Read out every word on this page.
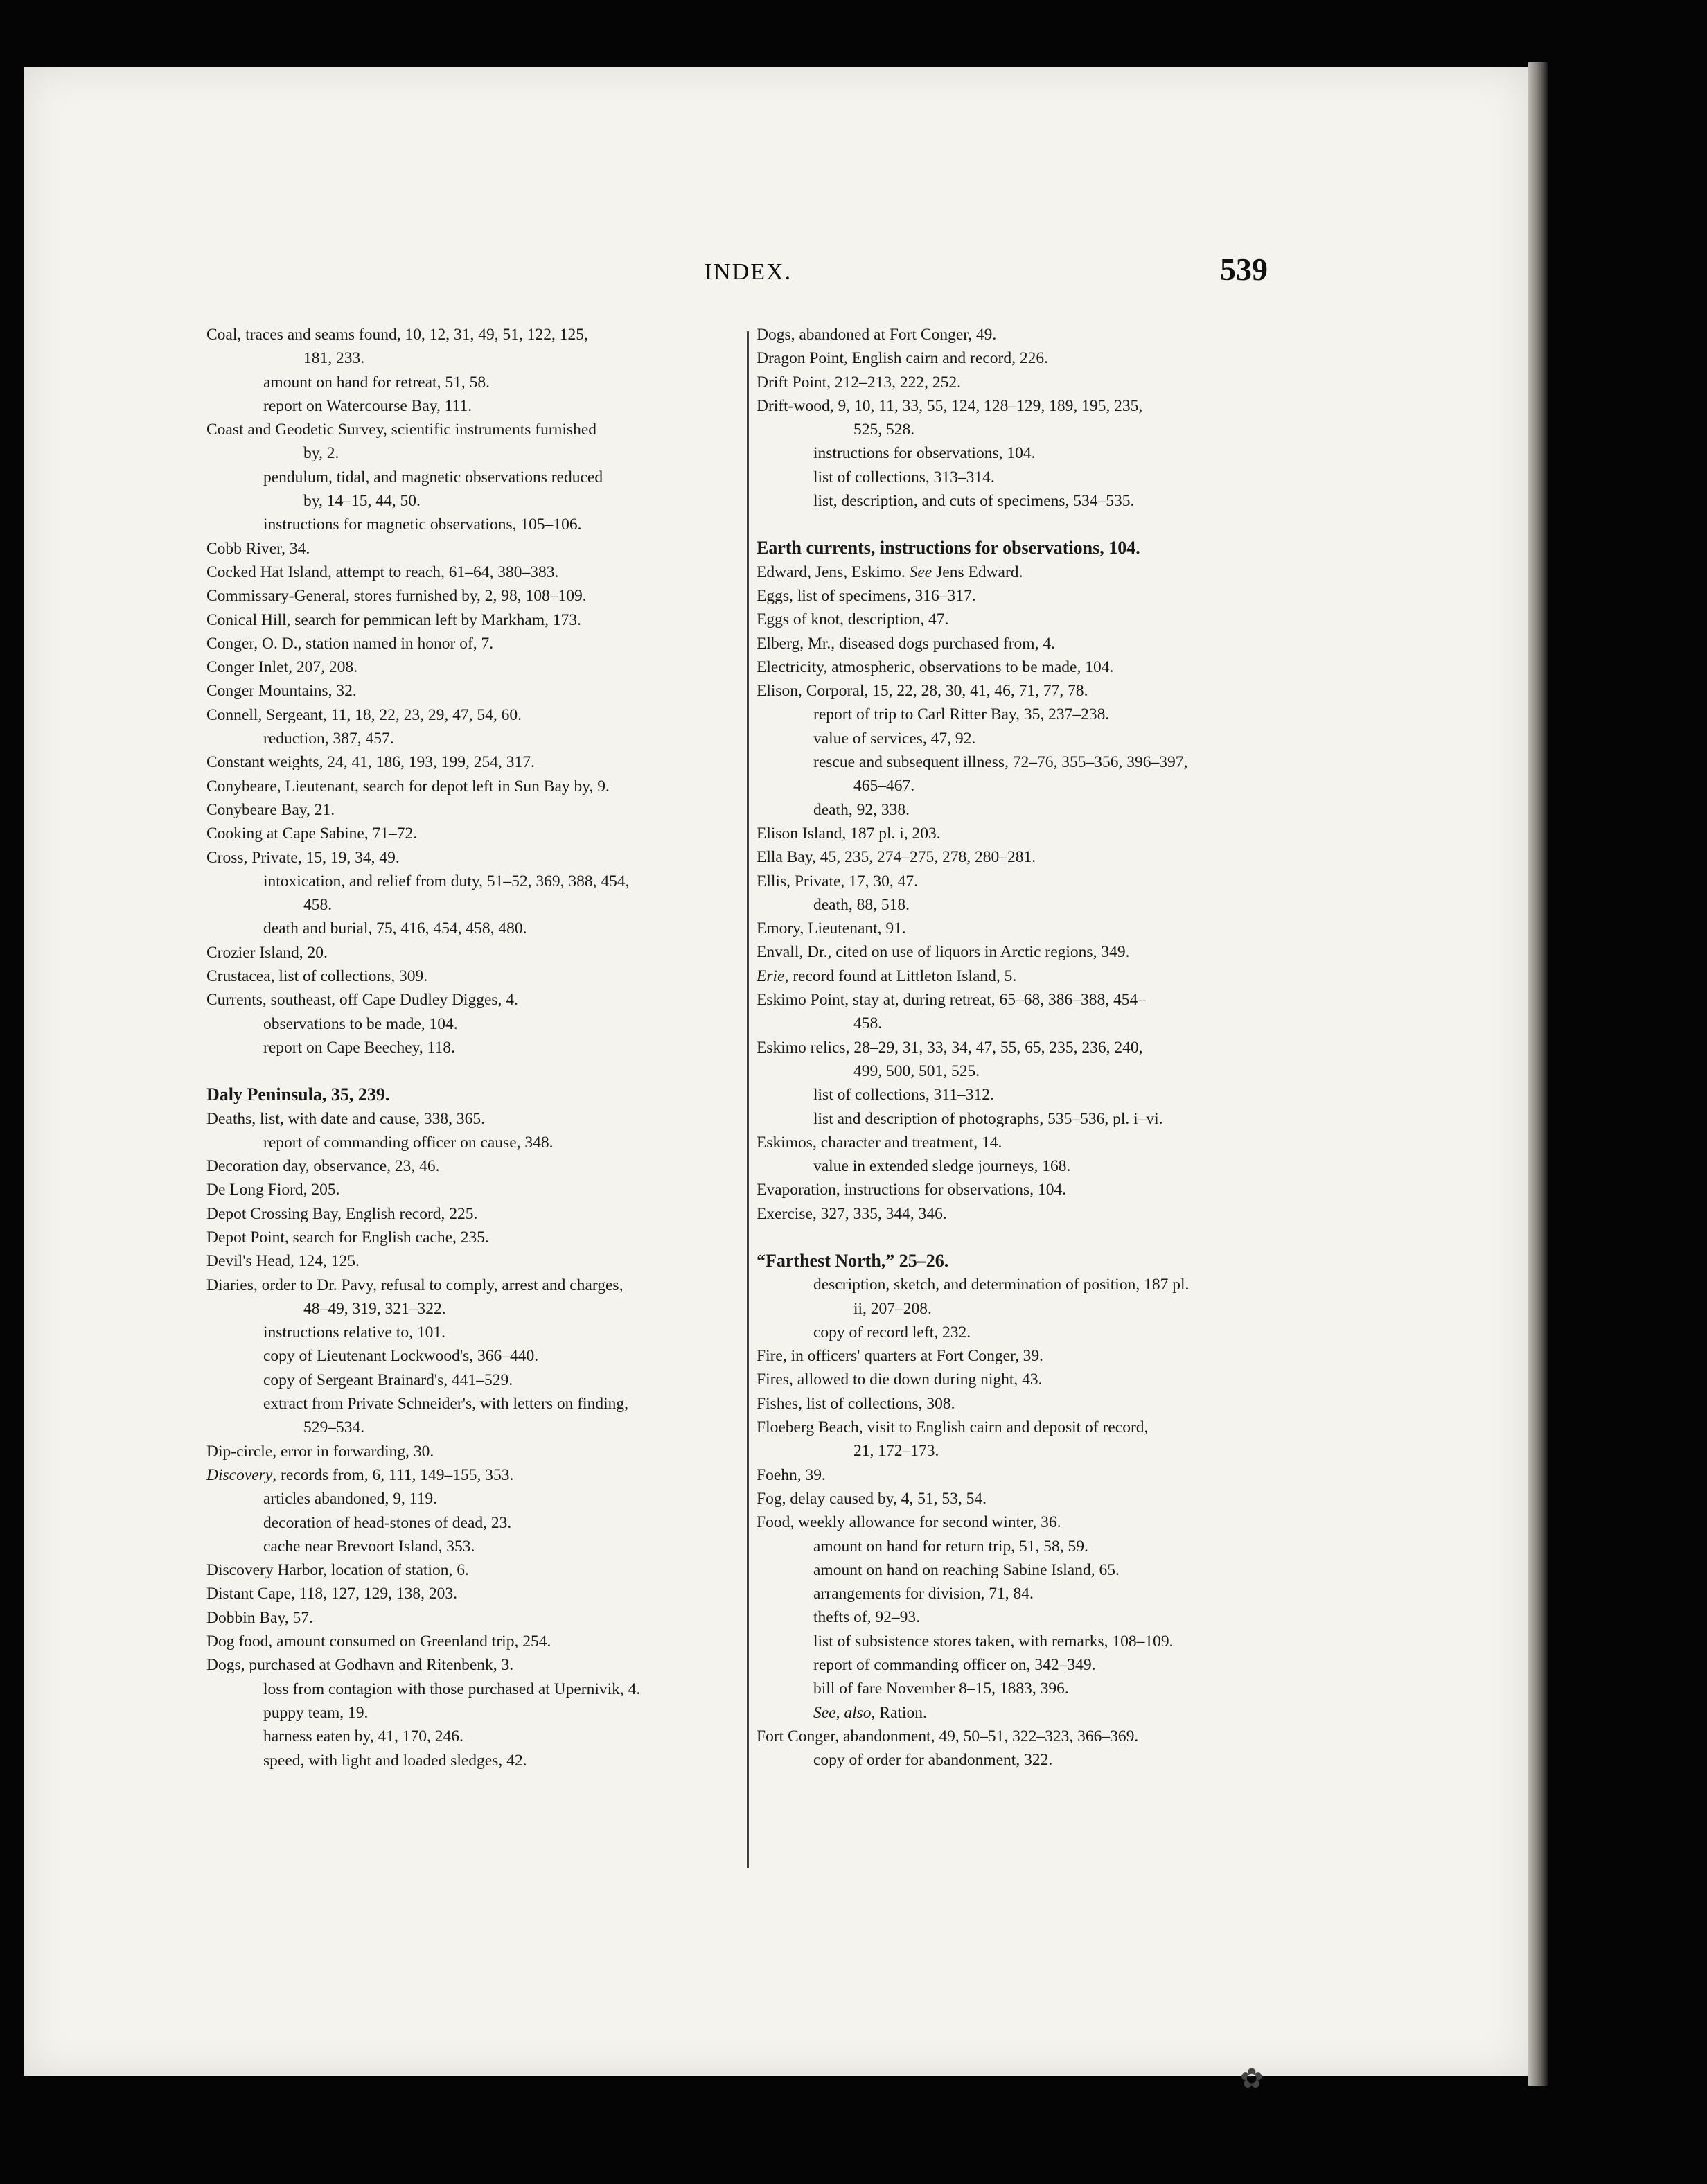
INDEX.	539
Coal, traces and seams found, 10, 12, 31, 49, 51, 122, 125,
181, 233.
amount on hand for retreat, 51, 58.
report on Watercourse Bay, 111.
Coast and Geodetic Survey, scientific instruments furnished
by, 2.
pendulum, tidal, and magnetic observations reduced
by, 14–15, 44, 50.
instructions for magnetic observations, 105–106.
Cobb River, 34.
Cocked Hat Island, attempt to reach, 61–64, 380–383.
Commissary-General, stores furnished by, 2, 98, 108–109.
Conical Hill, search for pemmican left by Markham, 173.
Conger, O. D., station named in honor of, 7.
Conger Inlet, 207, 208.
Conger Mountains, 32.
Connell, Sergeant, 11, 18, 22, 23, 29, 47, 54, 60.
reduction, 387, 457.
Constant weights, 24, 41, 186, 193, 199, 254, 317.
Conybeare, Lieutenant, search for depot left in Sun Bay by, 9.
Conybeare Bay, 21.
Cooking at Cape Sabine, 71–72.
Cross, Private, 15, 19, 34, 49.
intoxication, and relief from duty, 51–52, 369, 388, 454,
458.
death and burial, 75, 416, 454, 458, 480.
Crozier Island, 20.
Crustacea, list of collections, 309.
Currents, southeast, off Cape Dudley Digges, 4.
observations to be made, 104.
report on Cape Beechey, 118.
Daly Peninsula, 35, 239.
Deaths, list, with date and cause, 338, 365.
report of commanding officer on cause, 348.
Decoration day, observance, 23, 46.
De Long Fiord, 205.
Depot Crossing Bay, English record, 225.
Depot Point, search for English cache, 235.
Devil's Head, 124, 125.
Diaries, order to Dr. Pavy, refusal to comply, arrest and charges,
48–49, 319, 321–322.
instructions relative to, 101.
copy of Lieutenant Lockwood's, 366–440.
copy of Sergeant Brainard's, 441–529.
extract from Private Schneider's, with letters on finding,
529–534.
Dip-circle, error in forwarding, 30.
Discovery, records from, 6, 111, 149–155, 353.
articles abandoned, 9, 119.
decoration of head-stones of dead, 23.
cache near Brevoort Island, 353.
Discovery Harbor, location of station, 6.
Distant Cape, 118, 127, 129, 138, 203.
Dobbin Bay, 57.
Dog food, amount consumed on Greenland trip, 254.
Dogs, purchased at Godhavn and Ritenbenk, 3.
loss from contagion with those purchased at Upernivik, 4.
puppy team, 19.
harness eaten by, 41, 170, 246.
speed, with light and loaded sledges, 42.
Dogs, abandoned at Fort Conger, 49.
Dragon Point, English cairn and record, 226.
Drift Point, 212–213, 222, 252.
Drift-wood, 9, 10, 11, 33, 55, 124, 128–129, 189, 195, 235,
525, 528.
instructions for observations, 104.
list of collections, 313–314.
list, description, and cuts of specimens, 534–535.
Earth currents, instructions for observations, 104.
Edward, Jens, Eskimo. See Jens Edward.
Eggs, list of specimens, 316–317.
Eggs of knot, description, 47.
Elberg, Mr., diseased dogs purchased from, 4.
Electricity, atmospheric, observations to be made, 104.
Elison, Corporal, 15, 22, 28, 30, 41, 46, 71, 77, 78.
report of trip to Carl Ritter Bay, 35, 237–238.
value of services, 47, 92.
rescue and subsequent illness, 72–76, 355–356, 396–397,
465–467.
death, 92, 338.
Elison Island, 187 pl. i, 203.
Ella Bay, 45, 235, 274–275, 278, 280–281.
Ellis, Private, 17, 30, 47.
death, 88, 518.
Emory, Lieutenant, 91.
Envall, Dr., cited on use of liquors in Arctic regions, 349.
Erie, record found at Littleton Island, 5.
Eskimo Point, stay at, during retreat, 65–68, 386–388, 454–
458.
Eskimo relics, 28–29, 31, 33, 34, 47, 55, 65, 235, 236, 240,
499, 500, 501, 525.
list of collections, 311–312.
list and description of photographs, 535–536, pl. i–vi.
Eskimos, character and treatment, 14.
value in extended sledge journeys, 168.
Evaporation, instructions for observations, 104.
Exercise, 327, 335, 344, 346.
“Farthest North,” 25–26.
description, sketch, and determination of position, 187 pl.
ii, 207–208.
copy of record left, 232.
Fire, in officers' quarters at Fort Conger, 39.
Fires, allowed to die down during night, 43.
Fishes, list of collections, 308.
Floeberg Beach, visit to English cairn and deposit of record,
21, 172–173.
Foehn, 39.
Fog, delay caused by, 4, 51, 53, 54.
Food, weekly allowance for second winter, 36.
amount on hand for return trip, 51, 58, 59.
amount on hand on reaching Sabine Island, 65.
arrangements for division, 71, 84.
thefts of, 92–93.
list of subsistence stores taken, with remarks, 108–109.
report of commanding officer on, 342–349.
bill of fare November 8–15, 1883, 396.
See, also, Ration.
Fort Conger, abandonment, 49, 50–51, 322–323, 366–369.
copy of order for abandonment, 322.
✿
